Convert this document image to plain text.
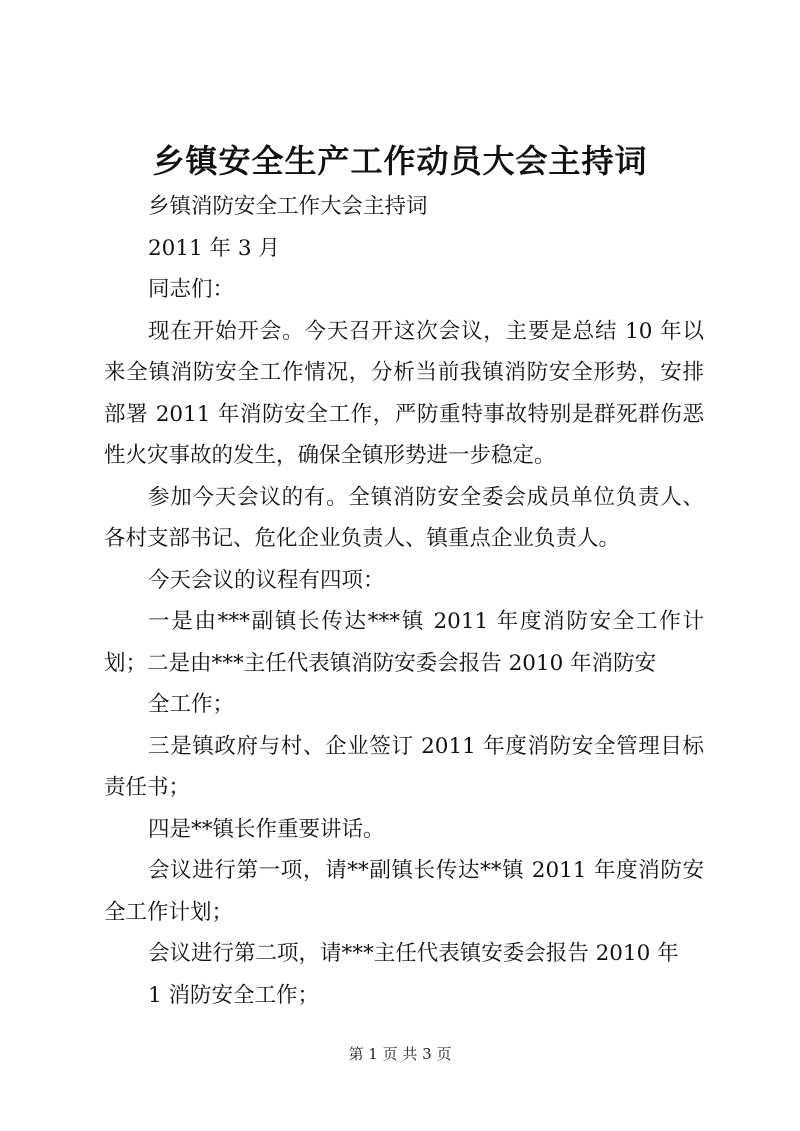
乡镇安全生产工作动员大会主持词

乡镇消防安全工作大会主持词

2011 年 3 月

同志们：

现在开始开会。今天召开这次会议，主要是总结 10 年以来全镇消防安全工作情况，分析当前我镇消防安全形势，安排部署 2011 年消防安全工作，严防重特事故特别是群死群伤恶性火灾事故的发生，确保全镇形势进一步稳定。

参加今天会议的有。全镇消防安全委会成员单位负责人、各村支部书记、危化企业负责人、镇重点企业负责人。

今天会议的议程有四项：

一是由***副镇长传达***镇 2011 年度消防安全工作计划；二是由***主任代表镇消防安委会报告 2010 年消防安

全工作；

三是镇政府与村、企业签订 2011 年度消防安全管理目标责任书；

四是**镇长作重要讲话。

会议进行第一项，请**副镇长传达**镇 2011 年度消防安全工作计划；

会议进行第二项，请***主任代表镇安委会报告 2010 年

1 消防安全工作；

第 1 页 共 3 页
